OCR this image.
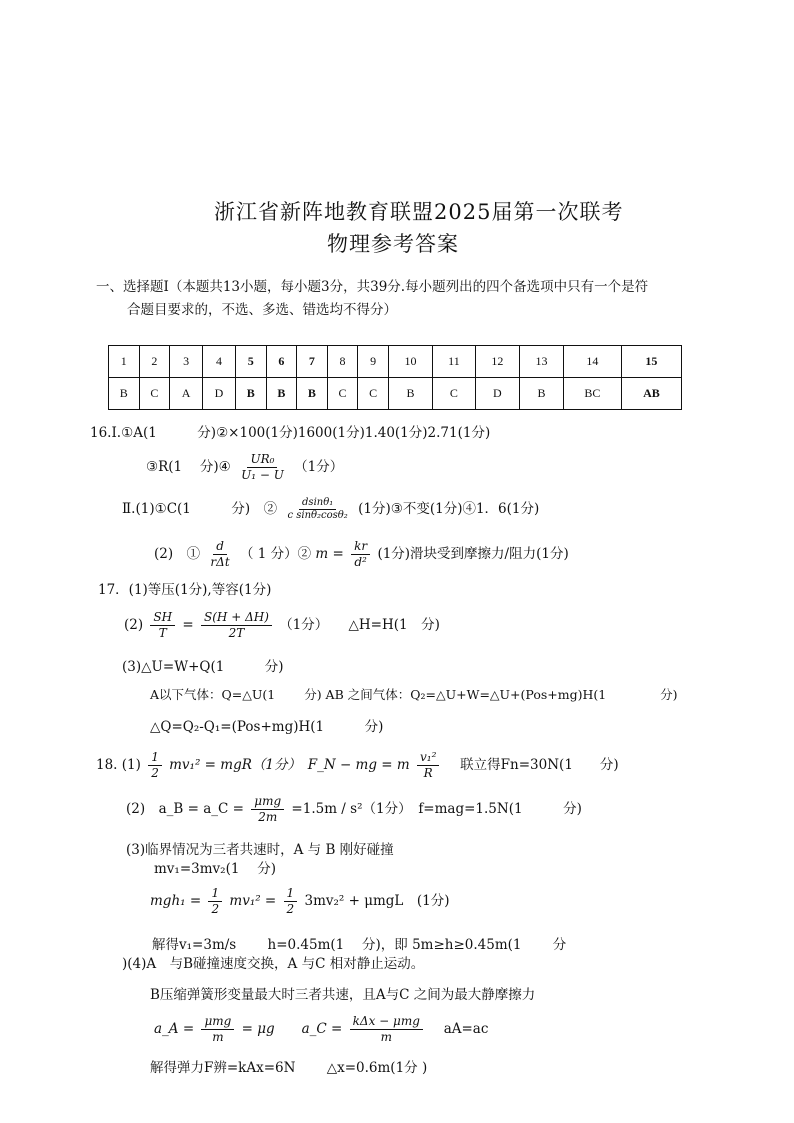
浙江省新阵地教育联盟2025届第一次联考
物理参考答案
一、选择题Ⅰ（本题共13小题，每小题3分，共39分.每小题列出的四个备选项中只有一个是符
合题目要求的，不选、多选、错选均不得分）
1	2	3	4	5	6	7	8	9	10	11	12	13	14	15
B	C	A	D	B	B	B	C	C	B	C	D	B	BC	AB
16.I.①A(1　　　分)②×100(1分)1600(1分)1.40(1分)2.71(1分)
③R(1　 分)④ $\frac{\text{UR₀}}{\text{U₁ − U}} (1$分）
Ⅱ.(1)①C(1　　　分)　② $\frac{\text{dsinθ₁}}{\text{c sinθ₂cosθ₂}} (1$分)③不变(1分)④1．6(1分)
(2)　① $\frac{d}{\text{rΔt}}$ （ 1 分）② $m = \frac{kr}{\text{d²}} (1$分)滑块受到摩擦力/阻力(1分)
17．(1)等压(1分),等容(1分)
$(2) \frac{SH}{T} = \frac{S(H + \Delta H)}{2T} (1$分）　　△H=H(1　分)
(3)△U=W+Q(1　　　分)
A以下气体：Q=△U(1　　 分) AB 之间气体：Q₂=△U+W=△U+(Pos+mg)H(1　　　　 分)
△Q=Q₂-Q₁=(Pos+mg)H(1　　　分)
18. $(1) \frac{1}{2} mv_1^2 = mgR(1$分）　F_N − mg = m $\frac{\text{v₁²}}{R}$ 　联立得Fn=30N(1　　分)
(2)　a_B = a_C = $\frac{\text{μmg}}{2m} =1.5m / s^2(1$分）　f=mag=1.5N(1　　　分)
(3)临界情况为三者共速时，A 与 B 刚好碰撞
mv₁=3mv₂(1　 分)
$mgh_1 = \frac{1}{2} mv_1^2 = \frac{1}{2} 3mv_2^2 + \mu mgL$　(1分)
解得v₁=3m/s　　 h=0.45m(1　 分)，即 5m≥h≥0.45m(1　　 分
)(4)A　与B碰撞速度交换，A 与C 相对静止运动。
B压缩弹簧形变量最大时三者共速，且A与C 之间为最大静摩擦力
a_A = $\frac{\text{μmg}}{m} = \mu g$　　a_C = $\frac{\text{kΔx − μmg}}{m}$ 　aA=ac
解得弹力F辨=kAx=6N　　 △x=0.6m(1分 )
